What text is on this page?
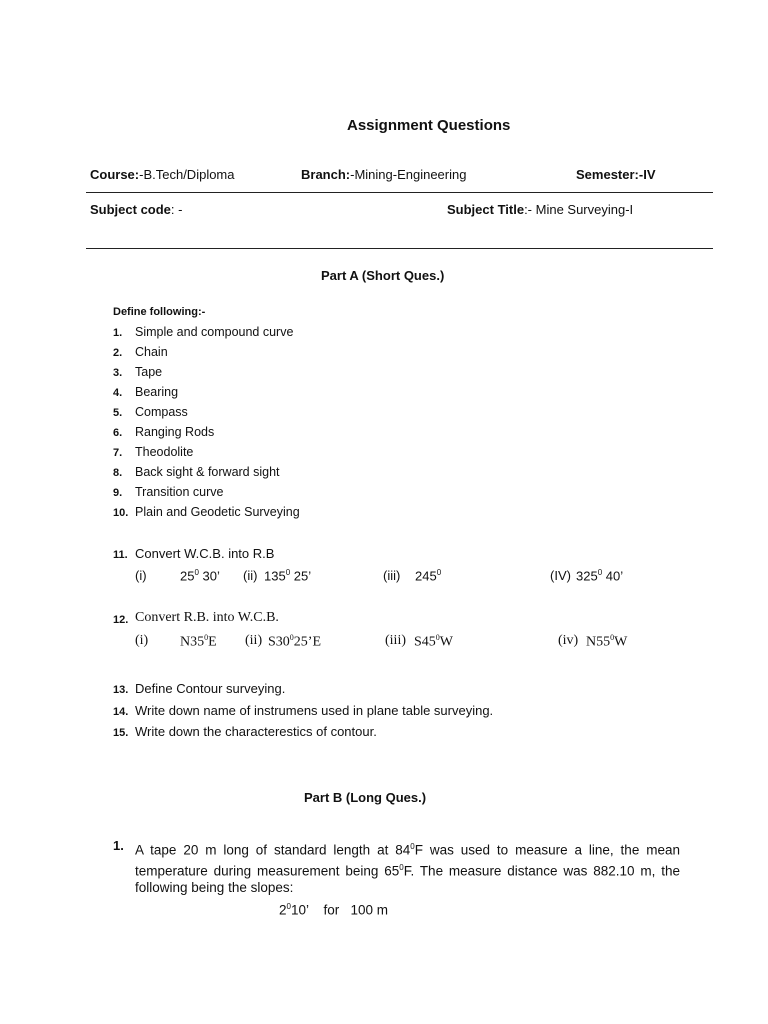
Assignment Questions
Course:-B.Tech/Diploma	Branch:-Mining-Engineering	Semester:-IV
Subject code: -	Subject Title:- Mine Surveying-I
Part A (Short Ques.)
Define following:-
1. Simple and compound curve
2. Chain
3. Tape
4. Bearing
5. Compass
6. Ranging Rods
7. Theodolite
8. Back sight & forward sight
9. Transition curve
10. Plain and Geodetic Surveying
11. Convert W.C.B. into R.B
(i)	$25^0$ 30’ (ii) $135^0$ 25’	(iii) $245^0$	(IV) $325^0$ 40’
12. Convert R.B. into W.C.B.
(i) $N35^0E$ (ii) $S30^025’E$	(iii) $S45^0W$	(iv) $N55^0W$
13. Define Contour surveying.
14. Write down name of instrumens used in plane table surveying.
15. Write down the characterestics of contour.
Part B (Long Ques.)
1. A tape 20 m long of standard length at $84^0F$ was used to measure a line, the mean
temperature during measurement being $65^0F$. The measure distance was 882.10 m, the
following being the slopes:
$2^010$’    for   100 m
